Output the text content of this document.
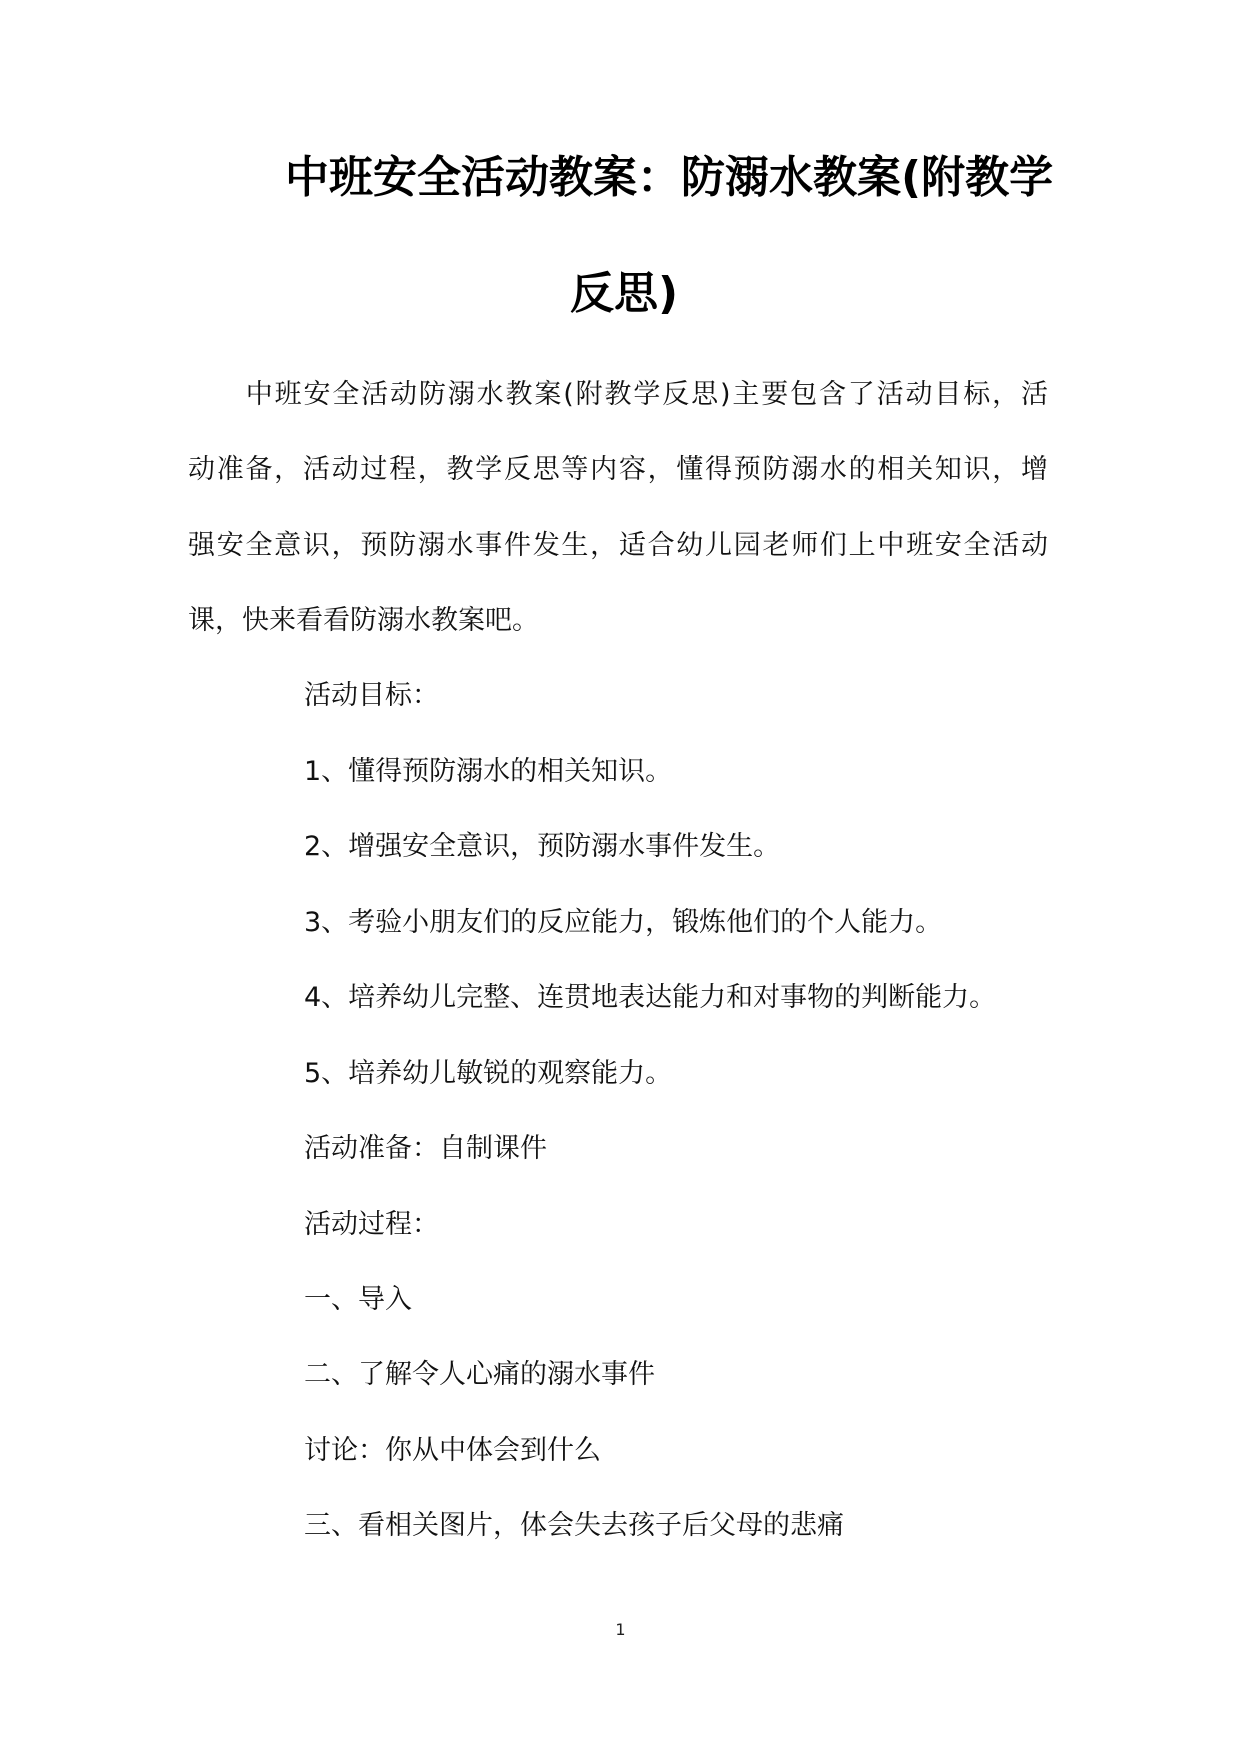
中班安全活动教案：防溺水教案(附教学
反思)
　　中班安全活动防溺水教案(附教学反思)主要包含了活动目标，活
动准备，活动过程，教学反思等内容，懂得预防溺水的相关知识，增
强安全意识，预防溺水事件发生，适合幼儿园老师们上中班安全活动
课，快来看看防溺水教案吧。
活动目标：
1、懂得预防溺水的相关知识。
2、增强安全意识，预防溺水事件发生。
3、考验小朋友们的反应能力，锻炼他们的个人能力。
4、培养幼儿完整、连贯地表达能力和对事物的判断能力。
5、培养幼儿敏锐的观察能力。
活动准备：自制课件
活动过程：
一、导入
二、了解令人心痛的溺水事件
讨论：你从中体会到什么
三、看相关图片，体会失去孩子后父母的悲痛
1
